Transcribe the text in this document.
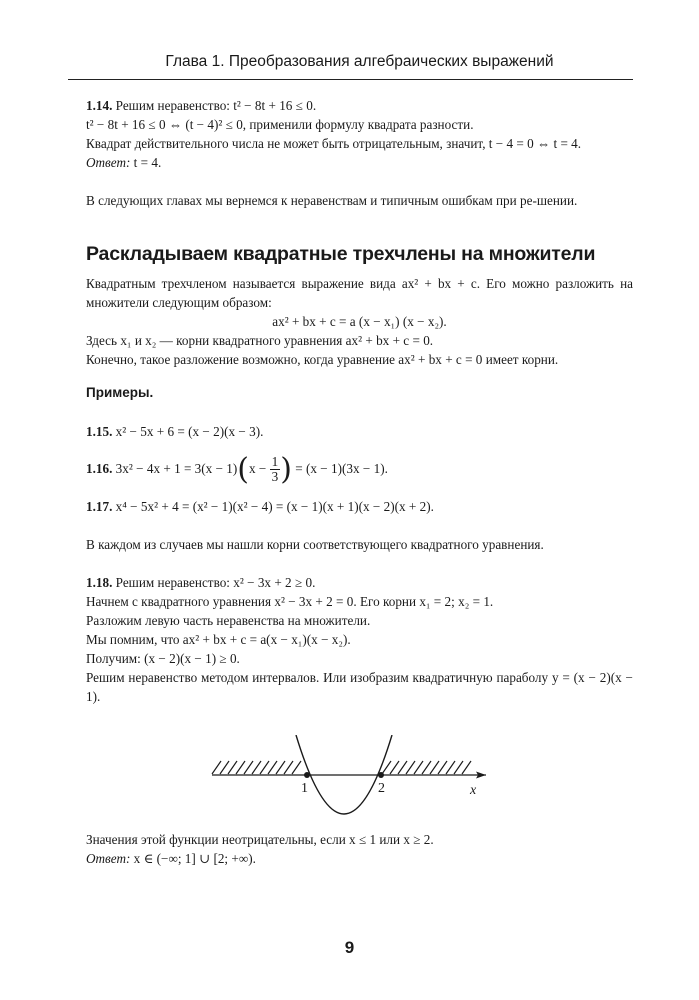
Глава 1. Преобразования алгебраических выражений

1.14. Решим неравенство: t² − 8t + 16 ≤ 0.

t² − 8t + 16 ≤ 0 ⇔ (t − 4)² ≤ 0, применили формулу квадрата разности.

Квадрат действительного числа не может быть отрицательным, значит, t − 4 = 0 ⇔ t = 4.

Ответ: t = 4.

В следующих главах мы вернемся к неравенствам и типичным ошибкам при ре-шении.

Раскладываем квадратные трехчлены на множители

Квадратным трехчленом называется выражение вида ax² + bx + c. Его можно разложить на множители следующим образом:

ax² + bx + c = a (x − x₁) (x − x₂).

Здесь x₁ и x₂ — корни квадратного уравнения ax² + bx + c = 0.

Конечно, такое разложение возможно, когда уравнение ax² + bx + c = 0 имеет корни.

Примеры.

1.15. x² − 5x + 6 = (x − 2)(x − 3).

1.16. $3x^2 - 4x + 1 = 3(x - 1)(x - \frac{1}{3}$ ) = (x − 1)(3x − 1).

1.17. x⁴ − 5x² + 4 = (x² − 1)(x² − 4) = (x − 1)(x + 1)(x − 2)(x + 2).

В каждом из случаев мы нашли корни соответствующего квадратного уравнения.

1.18. Решим неравенство: x² − 3x + 2 ≥ 0.

Начнем с квадратного уравнения x² − 3x + 2 = 0. Его корни x₁ = 2; x₂ = 1.

Разложим левую часть неравенства на множители.

Мы помним, что ax² + bx + c = a(x − x₁)(x − x₂).

Получим: (x − 2)(x − 1) ≥ 0.

Решим неравенство методом интервалов. Или изобразим квадратичную параболу y = (x − 2)(x − 1).

1	2	x

Значения этой функции неотрицательны, если x ≤ 1 или x ≥ 2.

Ответ: x ∈ (−∞; 1] ∪ [2; +∞).

9
